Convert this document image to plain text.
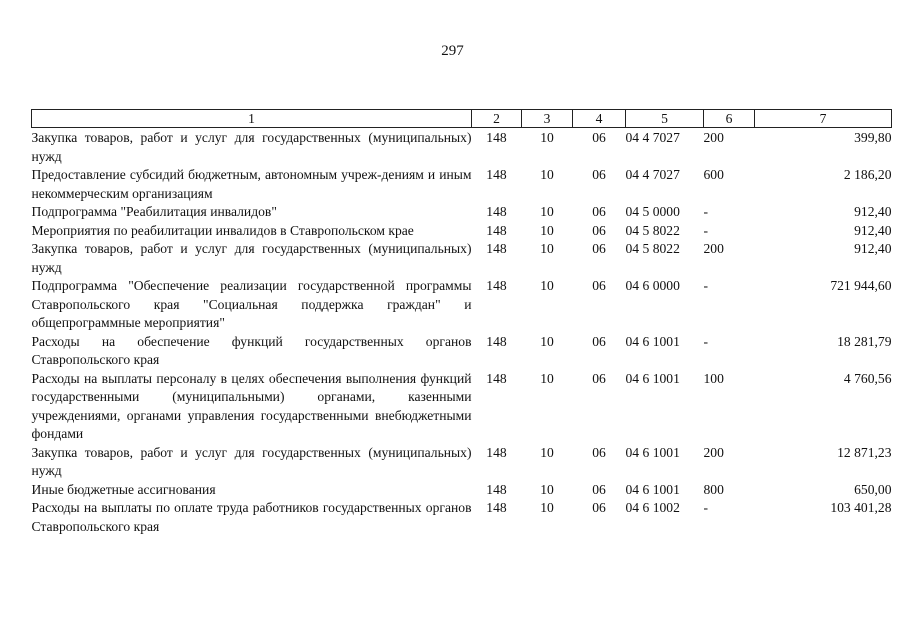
297
1	2	3	4	5	6	7
Закупка товаров, работ и услуг для государственных (муниципальных) нужд	148	10	06	04 4 7027	200	399,80
Предоставление субсидий бюджетным, автономным учреж-дениям и иным некоммерческим организациям	148	10	06	04 4 7027	600	2 186,20
Подпрограмма "Реабилитация инвалидов"	148	10	06	04 5 0000	-	912,40
Мероприятия по реабилитации инвалидов в Ставропольском крае	148	10	06	04 5 8022	-	912,40
Закупка товаров, работ и услуг для государственных (муниципальных) нужд	148	10	06	04 5 8022	200	912,40
Подпрограмма "Обеспечение реализации государственной программы Ставропольского края "Социальная поддержка граждан" и общепрограммные мероприятия"	148	10	06	04 6 0000	-	721 944,60
Расходы на обеспечение функций государственных органов Ставропольского края	148	10	06	04 6 1001	-	18 281,79
Расходы на выплаты персоналу в целях обеспечения выполнения функций государственными (муниципальными) органами, казенными учреждениями, органами управления государственными внебюджетными фондами	148	10	06	04 6 1001	100	4 760,56
Закупка товаров, работ и услуг для государственных (муниципальных) нужд	148	10	06	04 6 1001	200	12 871,23
Иные бюджетные ассигнования	148	10	06	04 6 1001	800	650,00
Расходы на выплаты по оплате труда работников государственных органов Ставропольского края	148	10	06	04 6 1002	-	103 401,28
